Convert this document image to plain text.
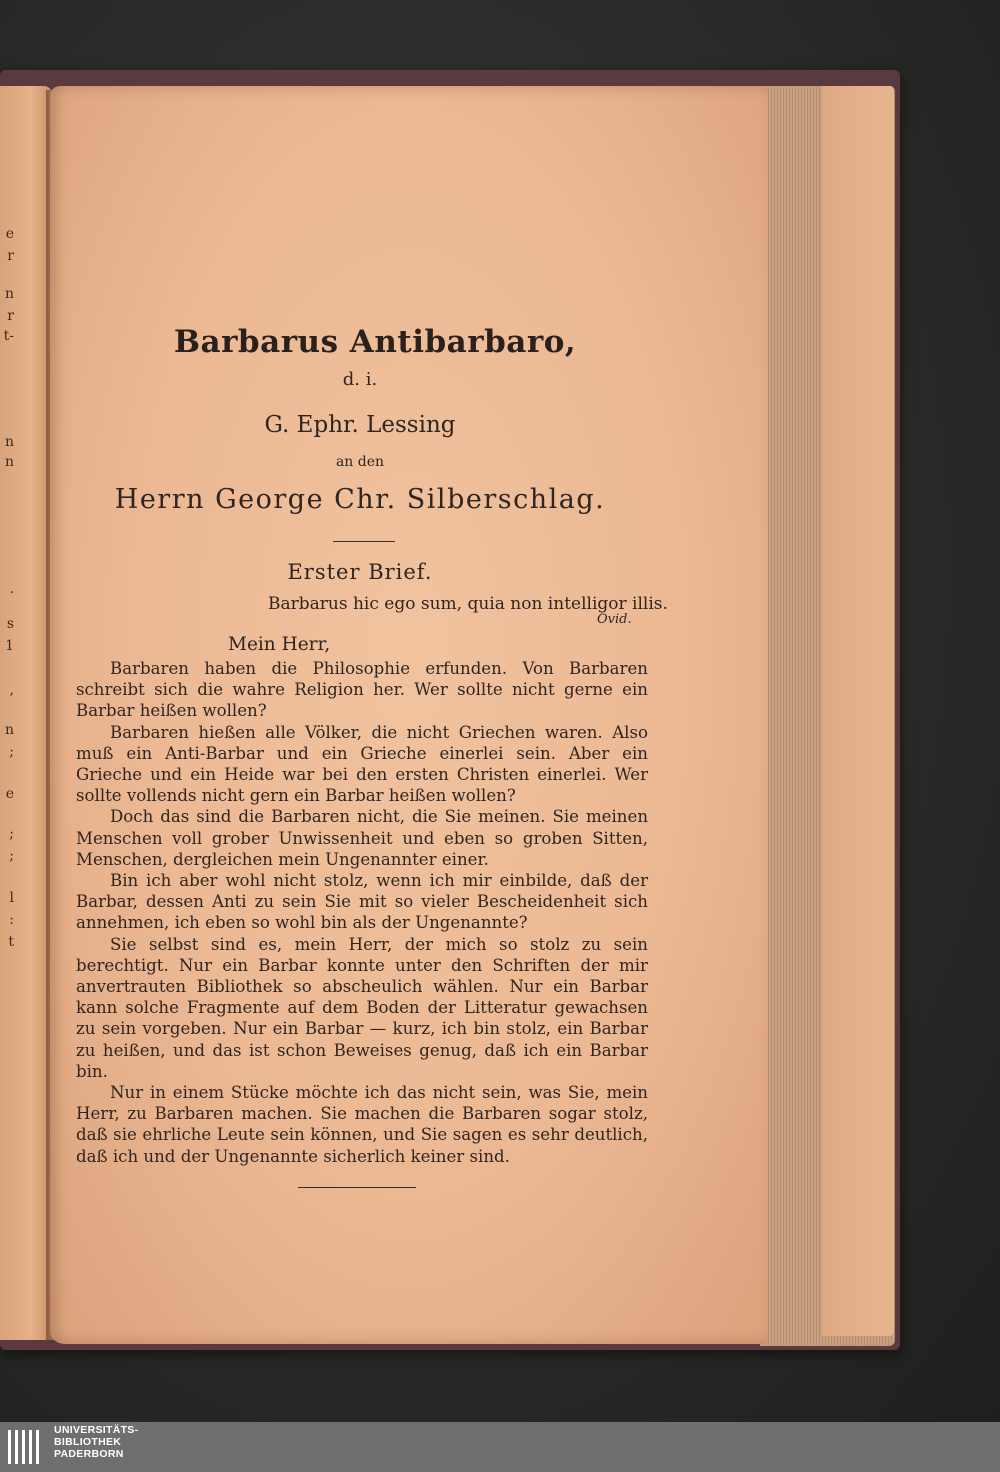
e
r
n
r
t-
n
n
.
s
1
,
n
;
e
;
;
l
:
t
Barbarus Antibarbaro,
d. i.
G. Ephr. Lessing
an den
Herrn George Chr. Silberschlag.
Erster Brief.
Barbarus hic ego sum, quia non intelligor illis.
Ovid.
Mein Herr,

Barbaren haben die Philosophie erfunden. Von Barbaren schreibt sich die wahre Religion her. Wer sollte nicht gerne ein Barbar heißen wollen?

Barbaren hießen alle Völker, die nicht Griechen waren. Also muß ein Anti-Barbar und ein Grieche einerlei sein. Aber ein Grieche und ein Heide war bei den ersten Christen einerlei. Wer sollte vollends nicht gern ein Barbar heißen wollen?

Doch das sind die Barbaren nicht, die Sie meinen. Sie meinen Menschen voll grober Unwissenheit und eben so groben Sitten, Menschen, dergleichen mein Ungenannter einer.

Bin ich aber wohl nicht stolz, wenn ich mir einbilde, daß der Barbar, dessen Anti zu sein Sie mit so vieler Bescheidenheit sich annehmen, ich eben so wohl bin als der Ungenannte?

Sie selbst sind es, mein Herr, der mich so stolz zu sein berechtigt. Nur ein Barbar konnte unter den Schriften der mir anvertrauten Bibliothek so abscheulich wählen. Nur ein Barbar kann solche Fragmente auf dem Boden der Litteratur gewachsen zu sein vorgeben. Nur ein Barbar — kurz, ich bin stolz, ein Barbar zu heißen, und das ist schon Beweises genug, daß ich ein Barbar bin.

Nur in einem Stücke möchte ich das nicht sein, was Sie, mein Herr, zu Barbaren machen. Sie machen die Barbaren sogar stolz, daß sie ehrliche Leute sein können, und Sie sagen es sehr deutlich, daß ich und der Ungenannte sicherlich keiner sind.

UNIVERSITÄTS-
BIBLIOTHEK
PADERBORN
